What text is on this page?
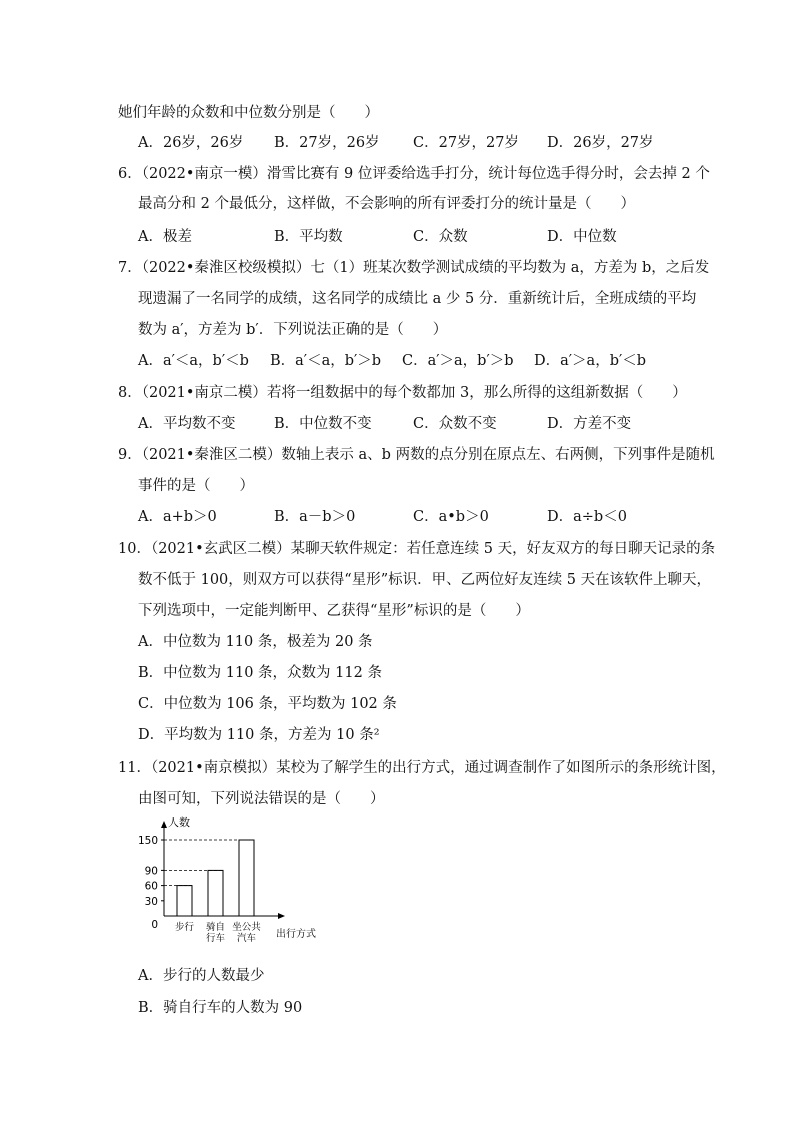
她们年龄的众数和中位数分别是（　　）
A．26岁，26岁 B．27岁，26岁 C．27岁，27岁 D．26岁，27岁
6．（2022•南京一模）滑雪比赛有 9 位评委给选手打分，统计每位选手得分时，会去掉 2 个
最高分和 2 个最低分，这样做，不会影响的所有评委打分的统计量是（　　）
A．极差	B．平均数	C．众数	D．中位数
7．（2022•秦淮区校级模拟）七（1）班某次数学测试成绩的平均数为 a，方差为 b，之后发
现遗漏了一名同学的成绩，这名同学的成绩比 a 少 5 分．重新统计后，全班成绩的平均
数为 a′，方差为 b′．下列说法正确的是（　　）
A．a′＜a，b′＜b B．a′＜a，b′＞b C．a′＞a，b′＞b D．a′＞a，b′＜b
8．（2021•南京二模）若将一组数据中的每个数都加 3，那么所得的这组新数据（　　）
A．平均数不变	B．中位数不变	C．众数不变	D．方差不变
9．（2021•秦淮区二模）数轴上表示 a、b 两数的点分别在原点左、右两侧，下列事件是随机
事件的是（　　）
A．a+b＞0	B．a－b＞0	C．a•b＞0	D．a÷b＜0
10．（2021•玄武区二模）某聊天软件规定：若任意连续 5 天，好友双方的每日聊天记录的条
数不低于 100，则双方可以获得“星形”标识．甲、乙两位好友连续 5 天在该软件上聊天，
下列选项中，一定能判断甲、乙获得“星形”标识的是（　　）
A．中位数为 110 条，极差为 20 条
B．中位数为 110 条，众数为 112 条
C．中位数为 106 条，平均数为 102 条
D．平均数为 110 条，方差为 10 条²
11．（2021•南京模拟）某校为了解学生的出行方式，通过调查制作了如图所示的条形统计图，
由图可知，下列说法错误的是（　　）
人数
出行方式
0
30
60
90
150
步行 骑自
行车
坐公共
汽车
A．步行的人数最少
B．骑自行车的人数为 90
